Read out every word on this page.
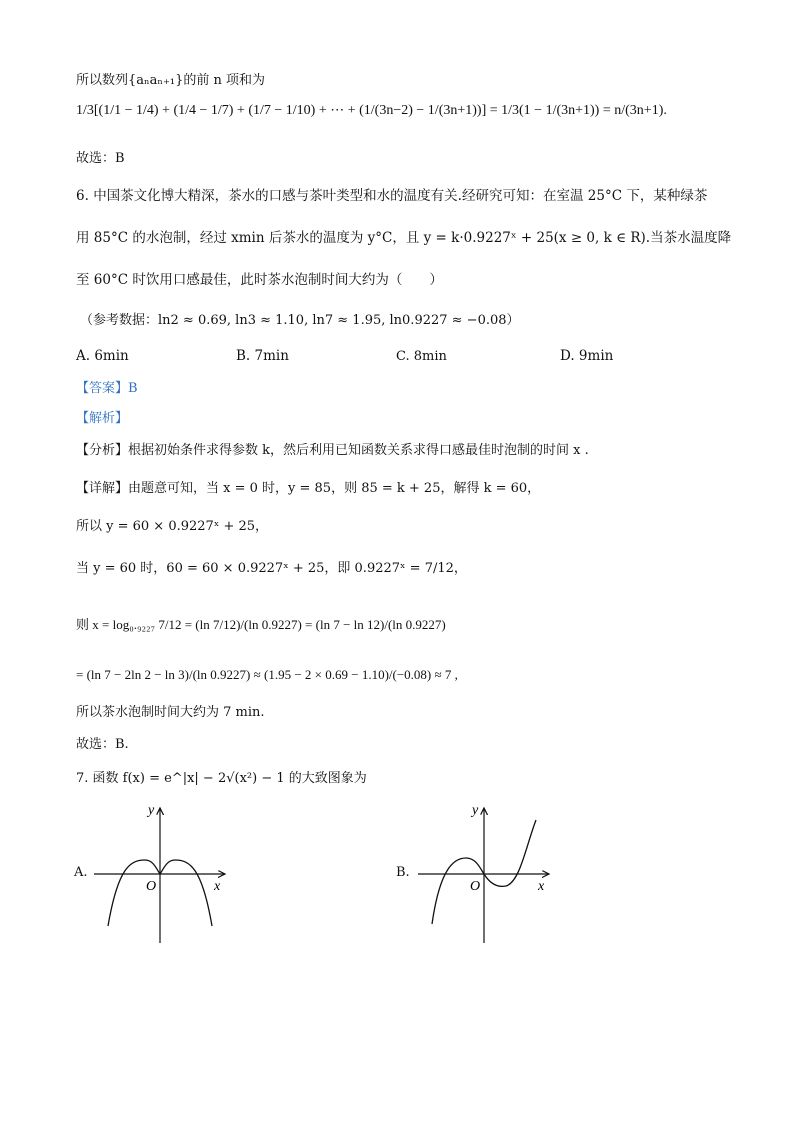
所以数列{aₙaₙ₊₁}的前 n 项和为
1/3[(1/1 − 1/4) + (1/4 − 1/7) + (1/7 − 1/10) + ⋯ + (1/(3n−2) − 1/(3n+1))] = 1/3(1 − 1/(3n+1)) = n/(3n+1).
故选：B
6. 中国茶文化博大精深，茶水的口感与茶叶类型和水的温度有关.经研究可知：在室温 25°C 下，某种绿茶
用 85°C 的水泡制，经过 xmin 后茶水的温度为 y°C，且 y = k·0.9227ˣ + 25(x ≥ 0, k ∈ R).当茶水温度降
至 60°C 时饮用口感最佳，此时茶水泡制时间大约为（　　）
（参考数据：ln2 ≈ 0.69, ln3 ≈ 1.10, ln7 ≈ 1.95, ln0.9227 ≈ −0.08）
A. 6min	B. 7min	C. 8min	D. 9min
【答案】B
【解析】
【分析】根据初始条件求得参数 k，然后利用已知函数关系求得口感最佳时泡制的时间 x .
【详解】由题意可知，当 x = 0 时，y = 85，则 85 = k + 25，解得 k = 60，
所以 y = 60 × 0.9227ˣ + 25，
当 y = 60 时，60 = 60 × 0.9227ˣ + 25，即 0.9227ˣ = 7/12，
则 x = log₀.₉₂₂₇ 7/12 = (ln 7/12)/(ln 0.9227) = (ln 7 − ln 12)/(ln 0.9227)
= (ln 7 − 2ln 2 − ln 3)/(ln 0.9227) ≈ (1.95 − 2 × 0.69 − 1.10)/(−0.08) ≈ 7 ,
所以茶水泡制时间大约为 7 min.
故选：B.
7. 函数 f(x) = e^|x| − 2√(x²) − 1 的大致图象为
A.
y
x
O
B.
y
x
O
